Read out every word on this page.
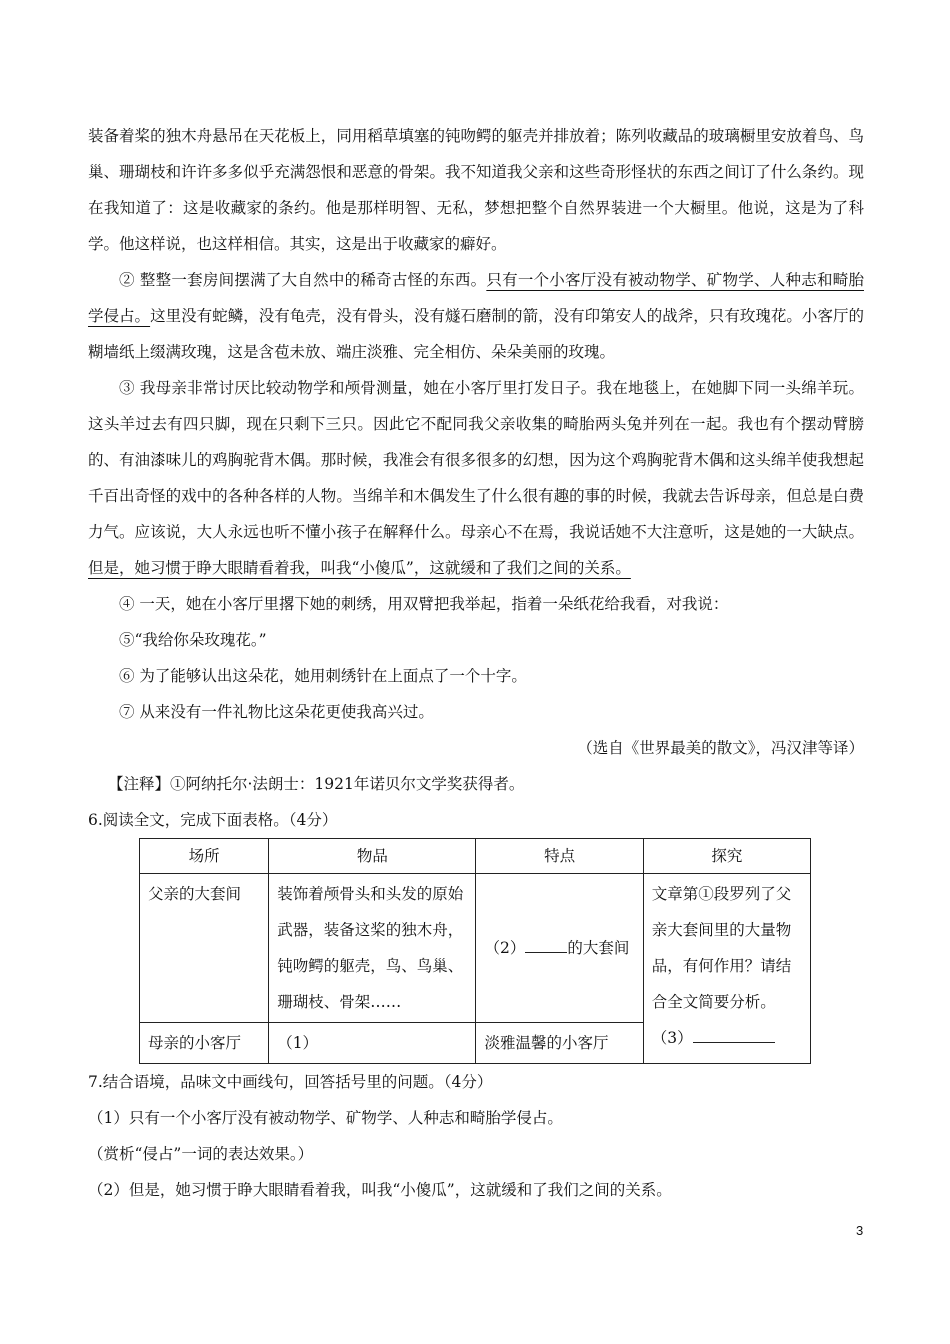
装备着桨的独木舟悬吊在天花板上，同用稻草填塞的钝吻鳄的躯壳并排放着；陈列收藏品的玻璃橱里安放着鸟、鸟巢、珊瑚枝和许许多多似乎充满怨恨和恶意的骨架。我不知道我父亲和这些奇形怪状的东西之间订了什么条约。现在我知道了：这是收藏家的条约。他是那样明智、无私，梦想把整个自然界装进一个大橱里。他说，这是为了科学。他这样说，也这样相信。其实，这是出于收藏家的癖好。

② 整整一套房间摆满了大自然中的稀奇古怪的东西。只有一个小客厅没有被动物学、矿物学、人种志和畸胎学侵占。这里没有蛇鳞，没有龟壳，没有骨头，没有燧石磨制的箭，没有印第安人的战斧，只有玫瑰花。小客厅的糊墙纸上缀满玫瑰，这是含苞未放、端庄淡雅、完全相仿、朵朵美丽的玫瑰。

③ 我母亲非常讨厌比较动物学和颅骨测量，她在小客厅里打发日子。我在地毯上，在她脚下同一头绵羊玩。这头羊过去有四只脚，现在只剩下三只。因此它不配同我父亲收集的畸胎两头兔并列在一起。我也有个摆动臂膀的、有油漆味儿的鸡胸驼背木偶。那时候，我准会有很多很多的幻想，因为这个鸡胸驼背木偶和这头绵羊使我想起千百出奇怪的戏中的各种各样的人物。当绵羊和木偶发生了什么很有趣的事的时候，我就去告诉母亲，但总是白费力气。应该说，大人永远也听不懂小孩子在解释什么。母亲心不在焉，我说话她不大注意听，这是她的一大缺点。但是，她习惯于睁大眼睛看着我，叫我“小傻瓜”，这就缓和了我们之间的关系。

④ 一天，她在小客厅里撂下她的刺绣，用双臂把我举起，指着一朵纸花给我看，对我说：

⑤“我给你朵玫瑰花。”

⑥ 为了能够认出这朵花，她用刺绣针在上面点了一个十字。

⑦ 从来没有一件礼物比这朵花更使我高兴过。

（选自《世界最美的散文》，冯汉津等译）

【注释】①阿纳托尔·法朗士：1921年诺贝尔文学奖获得者。

6.阅读全文，完成下面表格。（4分）

场所	物品	特点	探究
父亲的大套间	装饰着颅骨头和头发的原始武器，装备这桨的独木舟，钝吻鳄的躯壳，鸟、鸟巢、珊瑚枝、骨架……	（2） 的大套间	文章第①段罗列了父亲大套间里的大量物品，有何作用？请结合全文简要分析。
（3）
母亲的小客厅	（1）	淡雅温馨的小客厅	

7.结合语境，品味文中画线句，回答括号里的问题。（4分）

（1）只有一个小客厅没有被动物学、矿物学、人种志和畸胎学侵占。

（赏析“侵占”一词的表达效果。）

（2）但是，她习惯于睁大眼睛看着我，叫我“小傻瓜”，这就缓和了我们之间的关系。

3
